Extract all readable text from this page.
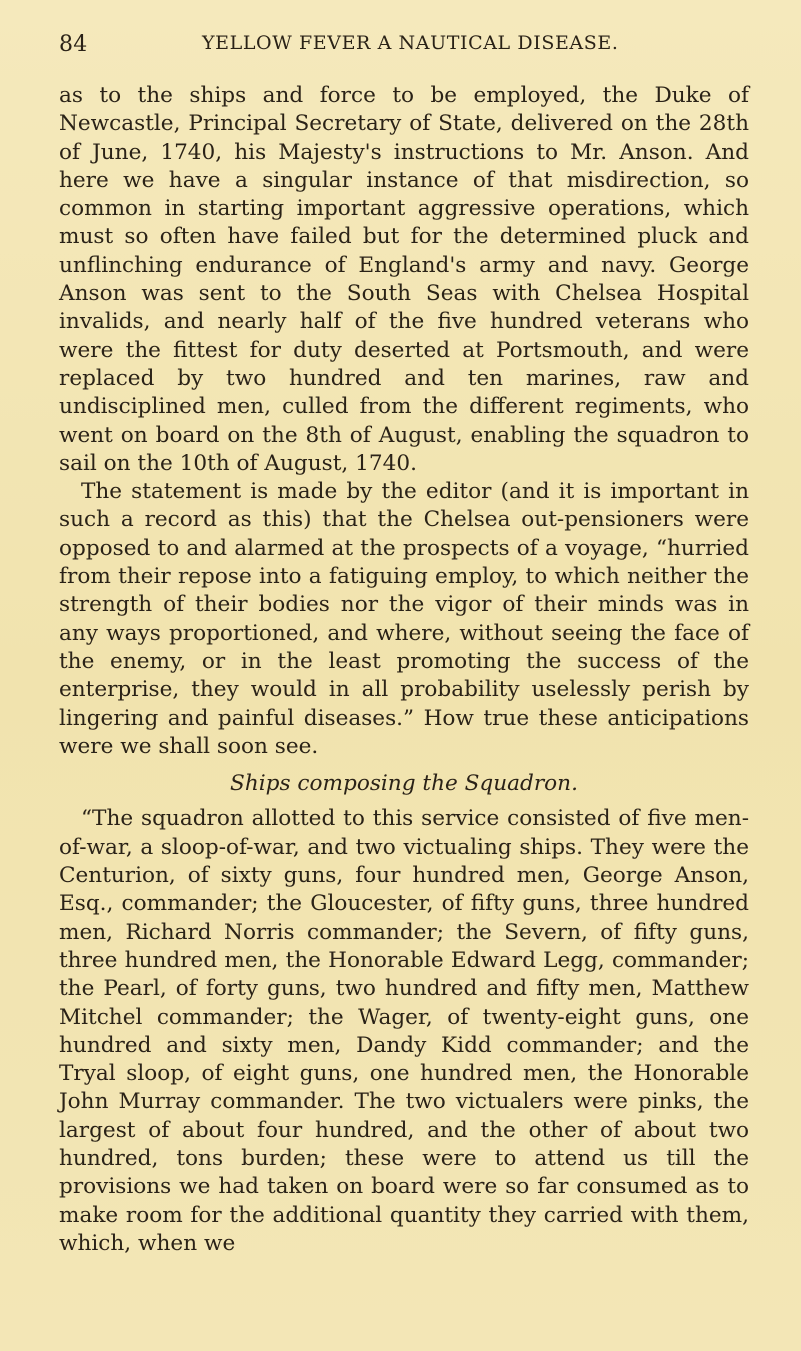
84	YELLOW FEVER A NAUTICAL DISEASE.

as to the ships and force to be employed, the Duke of Newcastle, Principal Secretary of State, delivered on the 28th of June, 1740, his Majesty's instructions to Mr. Anson. And here we have a singular instance of that misdirection, so common in starting important aggressive operations, which must so often have failed but for the determined pluck and unflinching endurance of England's army and navy. George Anson was sent to the South Seas with Chelsea Hospital invalids, and nearly half of the five hundred veterans who were the fittest for duty deserted at Portsmouth, and were replaced by two hundred and ten marines, raw and undisciplined men, culled from the different regiments, who went on board on the 8th of August, enabling the squadron to sail on the 10th of August, 1740.

The statement is made by the editor (and it is important in such a record as this) that the Chelsea out-pensioners were opposed to and alarmed at the prospects of a voyage, “hurried from their repose into a fatiguing employ, to which neither the strength of their bodies nor the vigor of their minds was in any ways proportioned, and where, without seeing the face of the enemy, or in the least promoting the success of the enterprise, they would in all probability uselessly perish by lingering and painful diseases.” How true these anticipations were we shall soon see.

Ships composing the Squadron.

“The squadron allotted to this service consisted of five men-of-war, a sloop-of-war, and two victualing ships. They were the Centurion, of sixty guns, four hundred men, George Anson, Esq., commander; the Gloucester, of fifty guns, three hundred men, Richard Norris commander; the Severn, of fifty guns, three hundred men, the Honorable Edward Legg, commander; the Pearl, of forty guns, two hundred and fifty men, Matthew Mitchel commander; the Wager, of twenty-eight guns, one hundred and sixty men, Dandy Kidd commander; and the Tryal sloop, of eight guns, one hundred men, the Honorable John Murray commander. The two victualers were pinks, the largest of about four hundred, and the other of about two hundred, tons burden; these were to attend us till the provisions we had taken on board were so far consumed as to make room for the additional quantity they carried with them, which, when we
